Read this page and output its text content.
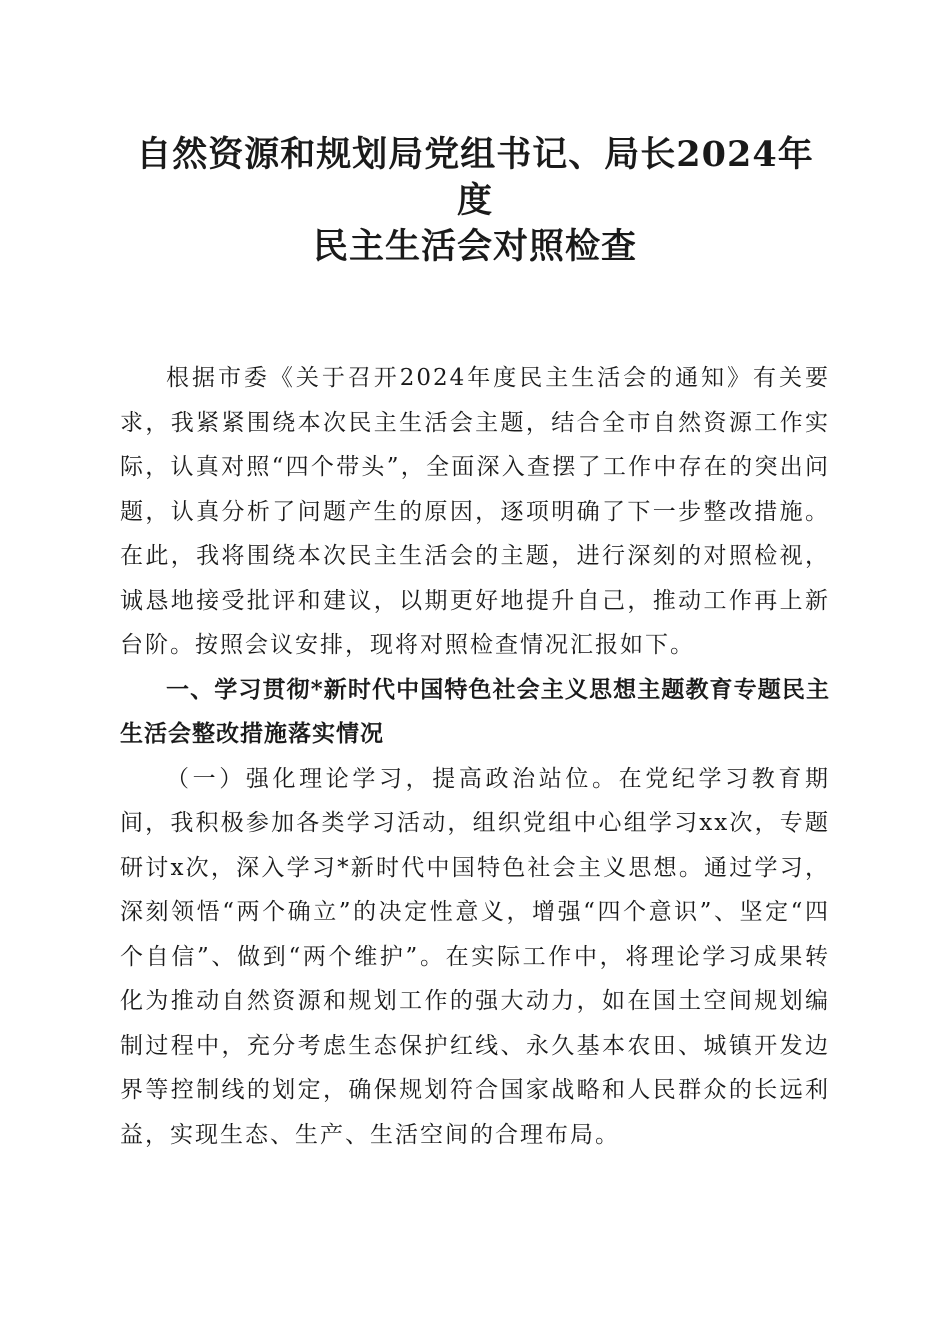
自然资源和规划局党组书记、局长2024年度
民主生活会对照检查

根据市委《关于召开2024年度民主生活会的通知》有关要求，我紧紧围绕本次民主生活会主题，结合全市自然资源工作实际，认真对照“四个带头”，全面深入查摆了工作中存在的突出问题，认真分析了问题产生的原因，逐项明确了下一步整改措施。在此，我将围绕本次民主生活会的主题，进行深刻的对照检视，诚恳地接受批评和建议，以期更好地提升自己，推动工作再上新台阶。按照会议安排，现将对照检查情况汇报如下。

一、学习贯彻*新时代中国特色社会主义思想主题教育专题民主生活会整改措施落实情况

（一）强化理论学习，提高政治站位。在党纪学习教育期间，我积极参加各类学习活动，组织党组中心组学习xx次，专题研讨x次，深入学习*新时代中国特色社会主义思想。通过学习，深刻领悟“两个确立”的决定性意义，增强“四个意识”、坚定“四个自信”、做到“两个维护”。在实际工作中，将理论学习成果转化为推动自然资源和规划工作的强大动力，如在国土空间规划编制过程中，充分考虑生态保护红线、永久基本农田、城镇开发边界等控制线的划定，确保规划符合国家战略和人民群众的长远利益，实现生态、生产、生活空间的合理布局。
